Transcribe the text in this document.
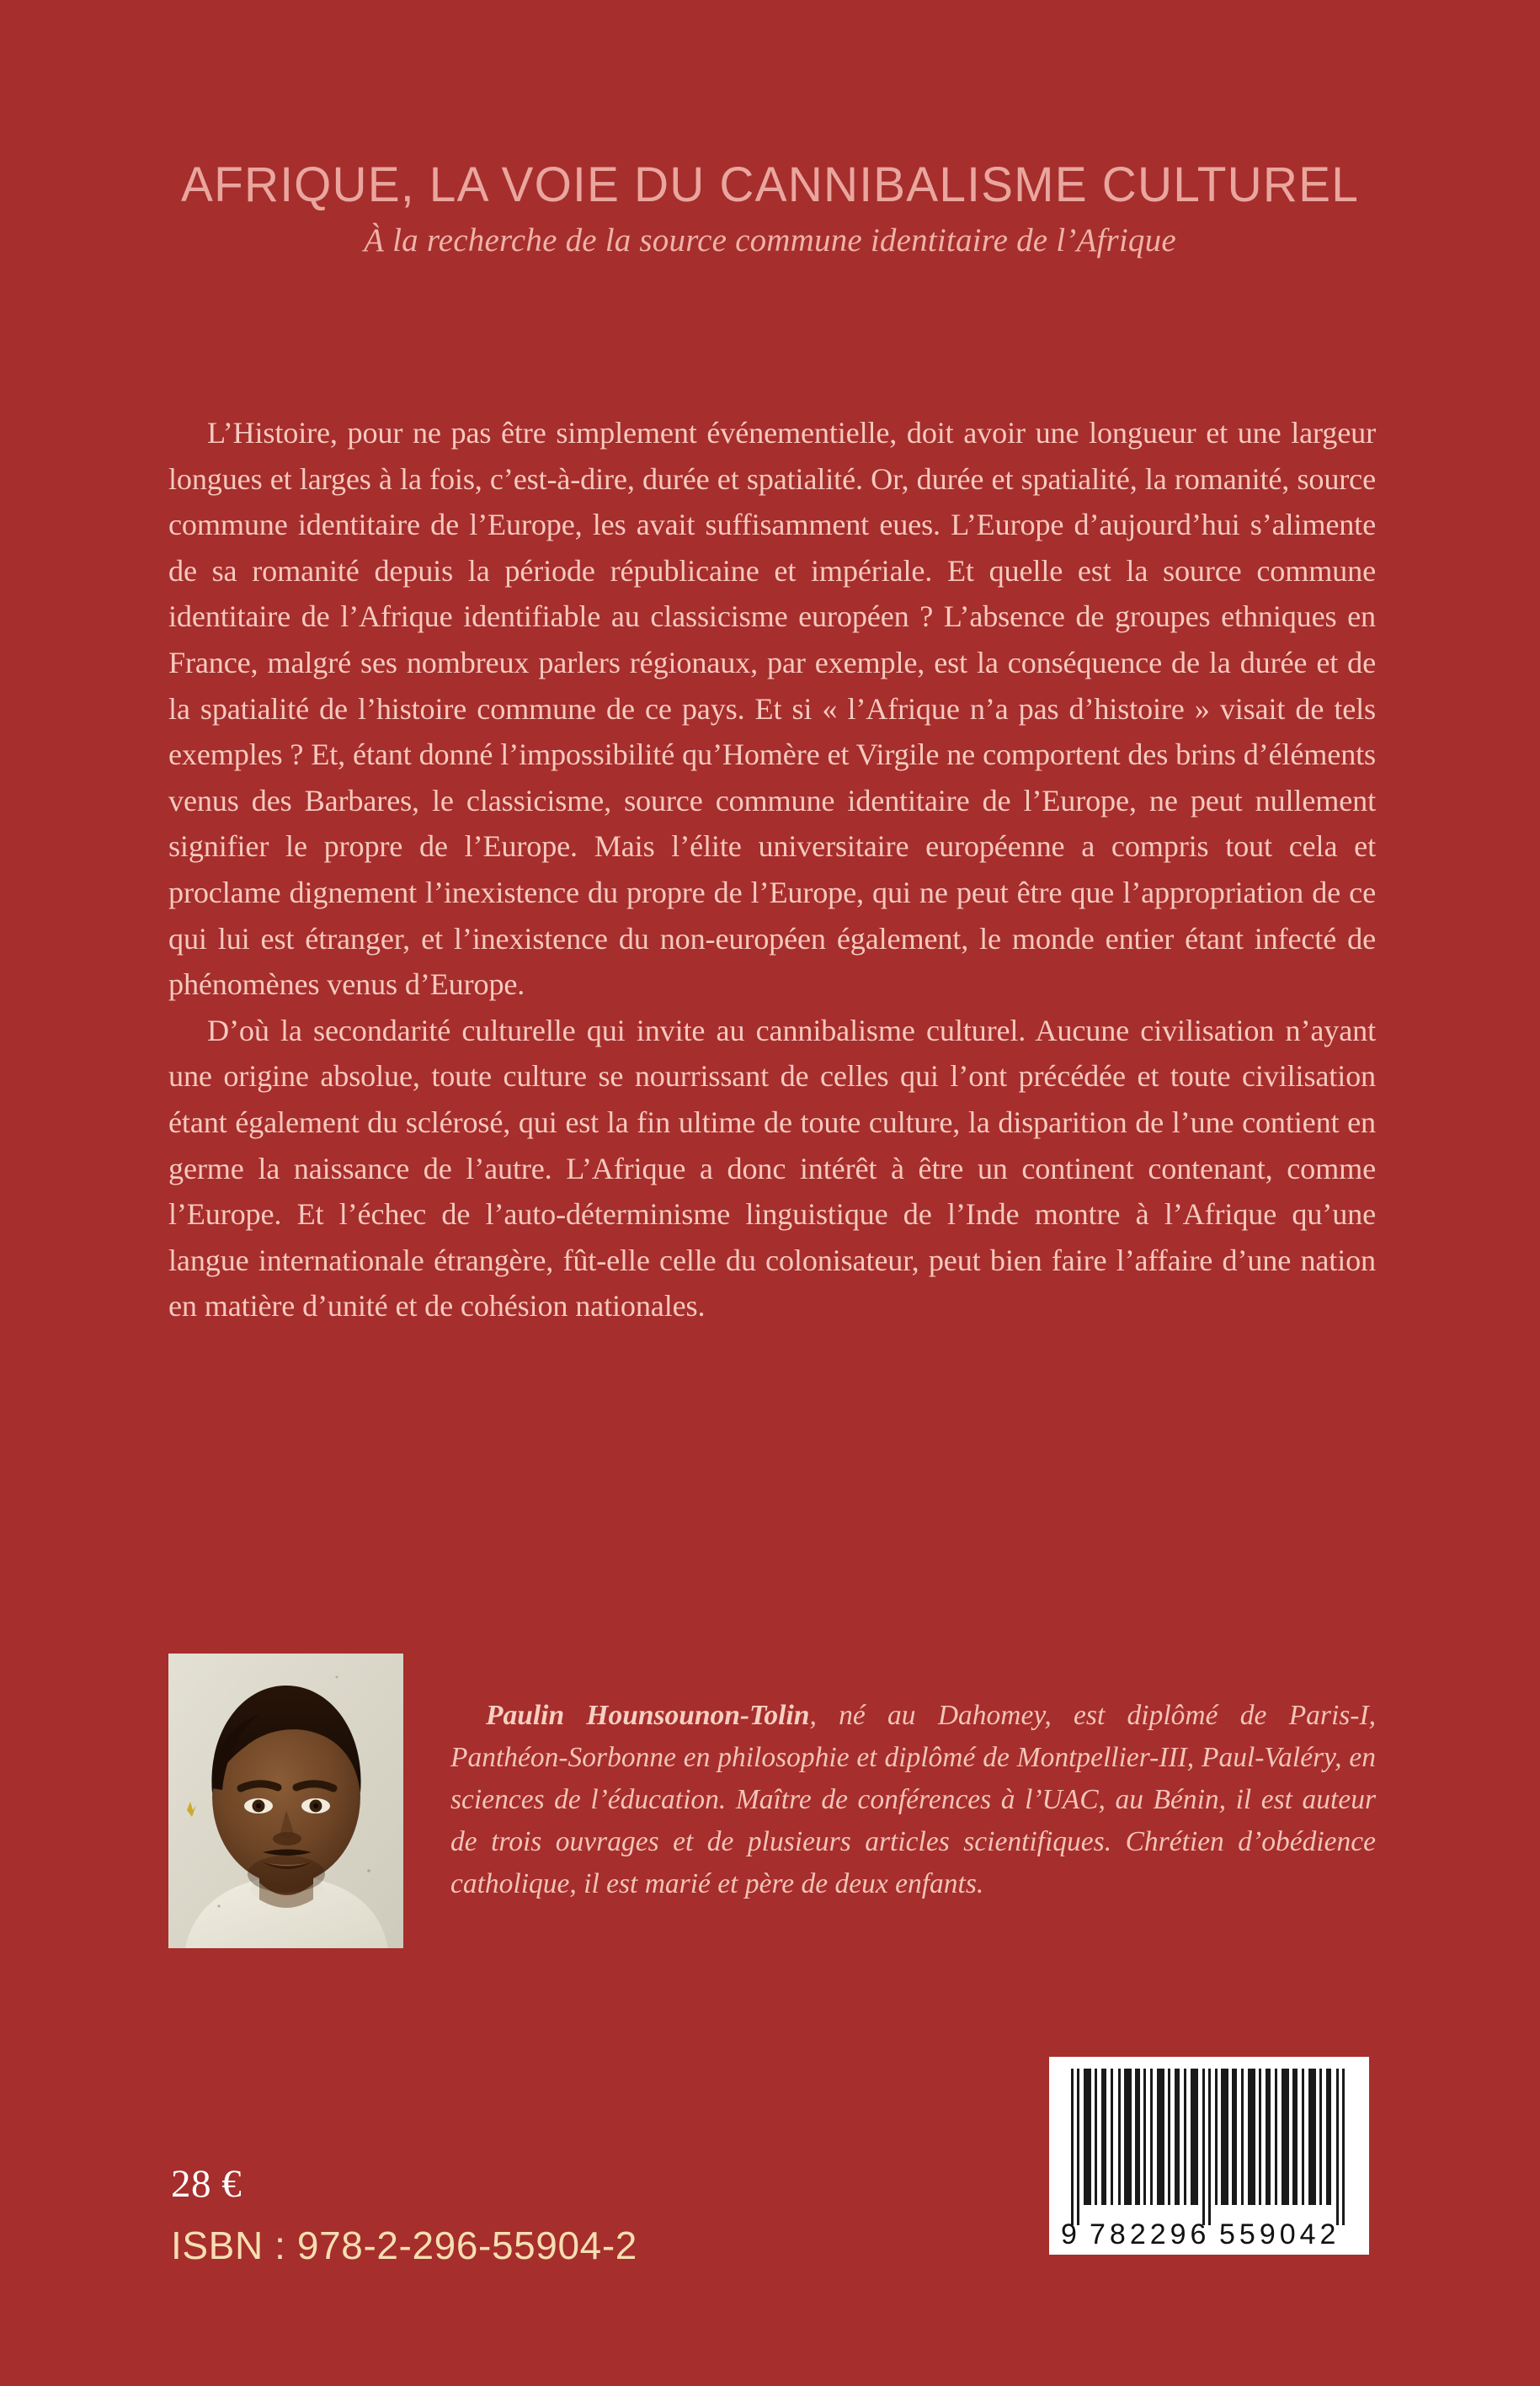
AFRIQUE, LA VOIE DU CANNIBALISME CULTUREL
À la recherche de la source commune identitaire de l’Afrique

L’Histoire, pour ne pas être simplement événementielle, doit avoir une longueur et une largeur longues et larges à la fois, c’est-à-dire, durée et spatialité. Or, durée et spatialité, la romanité, source commune identitaire de l’Europe, les avait suffisamment eues. L’Europe d’aujourd’hui s’alimente de sa romanité depuis la période républicaine et impériale. Et quelle est la source commune identitaire de l’Afrique identifiable au classicisme européen ? L’absence de groupes ethniques en France, malgré ses nombreux parlers régionaux, par exemple, est la conséquence de la durée et de la spatialité de l’histoire commune de ce pays. Et si « l’Afrique n’a pas d’histoire » visait de tels exemples ? Et, étant donné l’impossibilité qu’Homère et Virgile ne comportent des brins d’éléments venus des Barbares, le classicisme, source commune identitaire de l’Europe, ne peut nullement signifier le propre de l’Europe. Mais l’élite universitaire européenne a compris tout cela et proclame dignement l’inexistence du propre de l’Europe, qui ne peut être que l’appropriation de ce qui lui est étranger, et l’inexistence du non-européen également, le monde entier étant infecté de phénomènes venus d’Europe.

D’où la secondarité culturelle qui invite au cannibalisme culturel. Aucune civilisation n’ayant une origine absolue, toute culture se nourrissant de celles qui l’ont précédée et toute civilisation étant également du sclérosé, qui est la fin ultime de toute culture, la disparition de l’une contient en germe la naissance de l’autre. L’Afrique a donc intérêt à être un continent contenant, comme l’Europe. Et l’échec de l’auto-déterminisme linguistique de l’Inde montre à l’Afrique qu’une langue internationale étrangère, fût-elle celle du colonisateur, peut bien faire l’affaire d’une nation en matière d’unité et de cohésion nationales.

Paulin Hounsounon-Tolin, né au Dahomey, est diplômé de Paris-I, Panthéon-Sorbonne en philosophie et diplômé de Montpellier-III, Paul-Valéry, en sciences de l’éducation. Maître de conférences à l’UAC, au Bénin, il est auteur de trois ouvrages et de plusieurs articles scientifiques. Chrétien d’obédience catholique, il est marié et père de deux enfants.

28 €
ISBN : 978-2-296-55904-2	9 782296 559042
